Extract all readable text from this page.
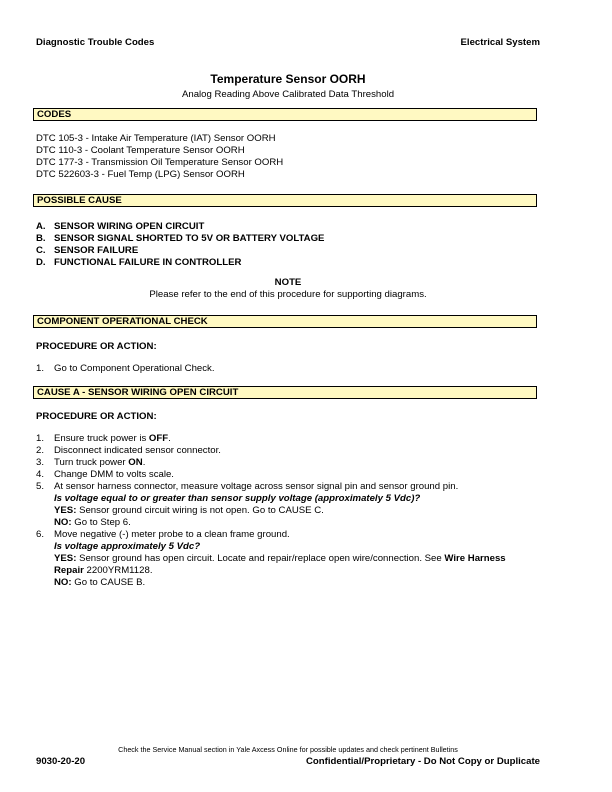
Diagnostic Trouble Codes	Electrical System
Temperature Sensor OORH
Analog Reading Above Calibrated Data Threshold
CODES
DTC 105-3 - Intake Air Temperature (IAT) Sensor OORH
DTC 110-3 - Coolant Temperature Sensor OORH
DTC 177-3 - Transmission Oil Temperature Sensor OORH
DTC 522603-3 - Fuel Temp (LPG) Sensor OORH
POSSIBLE CAUSE
A. SENSOR WIRING OPEN CIRCUIT
B. SENSOR SIGNAL SHORTED TO 5V OR BATTERY VOLTAGE
C. SENSOR FAILURE
D. FUNCTIONAL FAILURE IN CONTROLLER
NOTE
Please refer to the end of this procedure for supporting diagrams.
COMPONENT OPERATIONAL CHECK
PROCEDURE OR ACTION:
1. Go to Component Operational Check.
CAUSE A - SENSOR WIRING OPEN CIRCUIT
PROCEDURE OR ACTION:
1. Ensure truck power is OFF.
2. Disconnect indicated sensor connector.
3. Turn truck power ON.
4. Change DMM to volts scale.
5. At sensor harness connector, measure voltage across sensor signal pin and sensor ground pin.
Is voltage equal to or greater than sensor supply voltage (approximately 5 Vdc)?
YES: Sensor ground circuit wiring is not open. Go to CAUSE C.
NO: Go to Step 6.
6. Move negative (-) meter probe to a clean frame ground.
Is voltage approximately 5 Vdc?
YES: Sensor ground has open circuit. Locate and repair/replace open wire/connection. See Wire Harness
Repair 2200YRM1128.
NO: Go to CAUSE B.
Check the Service Manual section in Yale Axcess Online for possible updates and check pertinent Bulletins
9030-20-20	Confidential/Proprietary - Do Not Copy or Duplicate
